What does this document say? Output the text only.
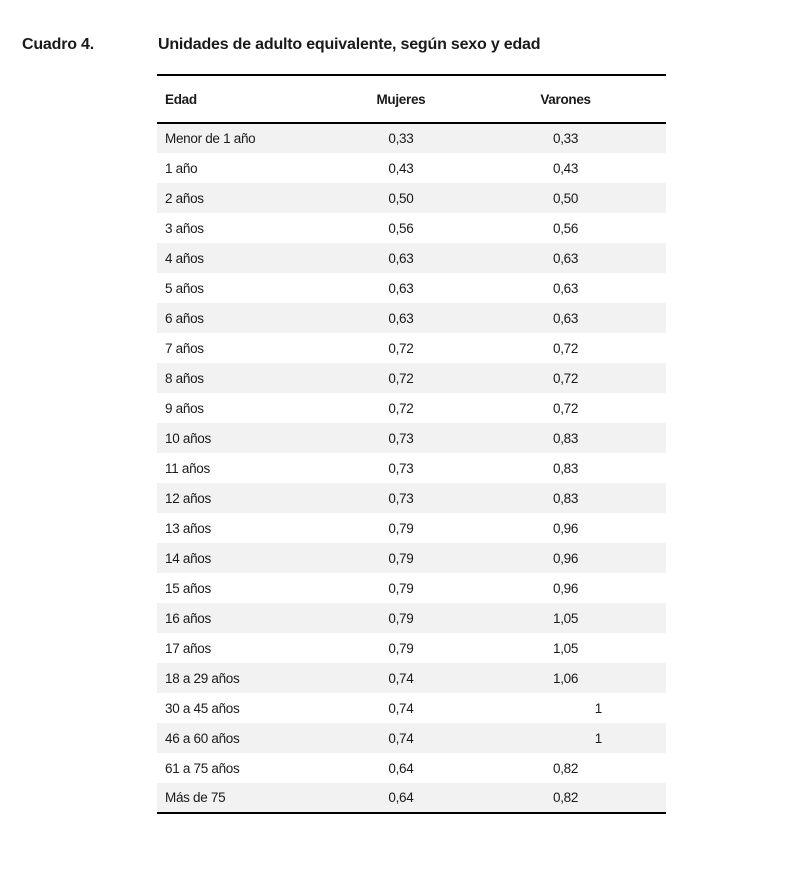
Cuadro 4.	Unidades de adulto equivalente, según sexo y edad
Edad	Mujeres	Varones
Menor de 1 año	0,33	0,33
1 año	0,43	0,43
2 años	0,50	0,50
3 años	0,56	0,56
4 años	0,63	0,63
5 años	0,63	0,63
6 años	0,63	0,63
7 años	0,72	0,72
8 años	0,72	0,72
9 años	0,72	0,72
10 años	0,73	0,83
11 años	0,73	0,83
12 años	0,73	0,83
13 años	0,79	0,96
14 años	0,79	0,96
15 años	0,79	0,96
16 años	0,79	1,05
17 años	0,79	1,05
18 a 29 años	0,74	1,06
30 a 45 años	0,74	1
46 a 60 años	0,74	1
61 a 75 años	0,64	0,82
Más de 75	0,64	0,82
